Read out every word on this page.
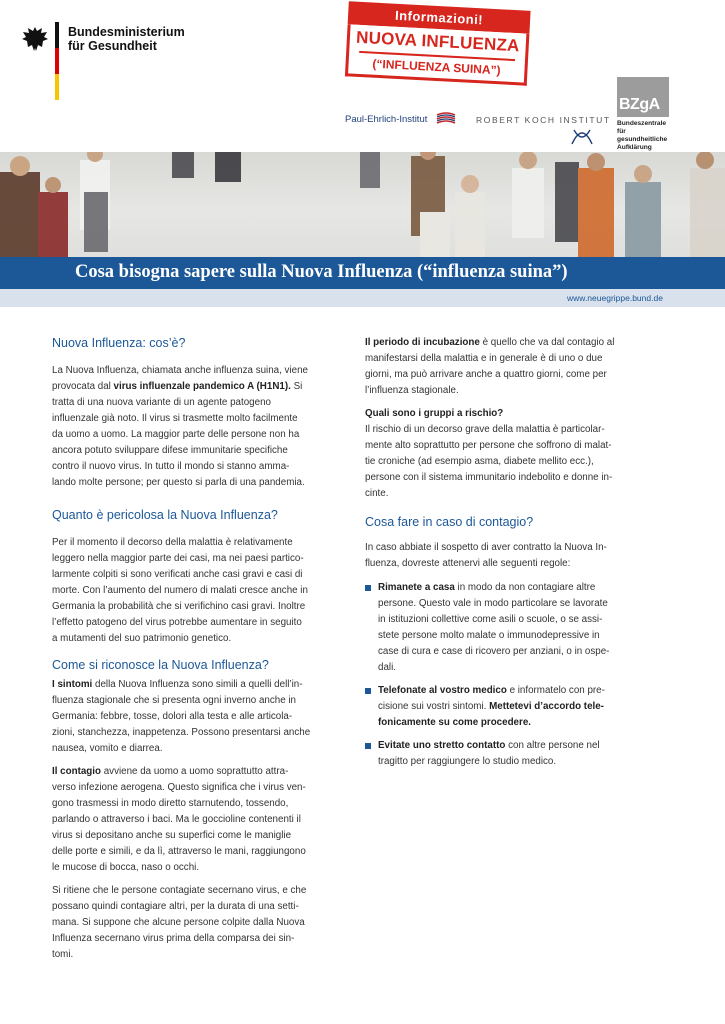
Bundesministerium
für Gesundheit
Informazioni!
NUOVA INFLUENZA
(“INFLUENZA SUINA”)
Paul-Ehrlich-Institut	ROBERT KOCH INSTITUT
BZgA
Bundeszentrale
für
gesundheitliche
Aufklärung
Cosa bisogna sapere sulla Nuova Influenza (“influenza suina”)
www.neuegrippe.bund.de

Nuova Influenza: cos’è?

La Nuova Influenza, chiamata anche influenza suina, viene

provocata dal virus influenzale pandemico A (H1N1). Si

tratta di una nuova variante di un agente patogeno

influenzale già noto. Il virus si trasmette molto facilmente

da uomo a uomo. La maggior parte delle persone non ha

ancora potuto sviluppare difese immunitarie specifiche

contro il nuovo virus. In tutto il mondo si stanno amma-

lando molte persone; per questo si parla di una pandemia.

Quanto è pericolosa la Nuova Influenza?

Per il momento il decorso della malattia è relativamente

leggero nella maggior parte dei casi, ma nei paesi partico-

larmente colpiti si sono verificati anche casi gravi e casi di

morte. Con l’aumento del numero di malati cresce anche in

Germania la probabilità che si verifichino casi gravi. Inoltre

l’effetto patogeno del virus potrebbe aumentare in seguito

a mutamenti del suo patrimonio genetico.

Come si riconosce la Nuova Influenza?

I sintomi della Nuova Influenza sono simili a quelli dell’in-

fluenza stagionale che si presenta ogni inverno anche in

Germania: febbre, tosse, dolori alla testa e alle articola-

zioni, stanchezza, inappetenza. Possono presentarsi anche

nausea, vomito e diarrea.

Il contagio avviene da uomo a uomo soprattutto attra-

verso infezione aerogena. Questo significa che i virus ven-

gono trasmessi in modo diretto starnutendo, tossendo,

parlando o attraverso i baci. Ma le goccioline contenenti il

virus si depositano anche su superfici come le maniglie

delle porte e simili, e da lì, attraverso le mani, raggiungono

le mucose di bocca, naso o occhi.

Si ritiene che le persone contagiate secernano virus, e che

possano quindi contagiare altri, per la durata di una setti-

mana. Si suppone che alcune persone colpite dalla Nuova

Influenza secernano virus prima della comparsa dei sin-

tomi.

Il periodo di incubazione è quello che va dal contagio al

manifestarsi della malattia e in generale è di uno o due

giorni, ma può arrivare anche a quattro giorni, come per

l’influenza stagionale.

Quali sono i gruppi a rischio?

Il rischio di un decorso grave della malattia è particolar-

mente alto soprattutto per persone che soffrono di malat-

tie croniche (ad esempio asma, diabete mellito ecc.),

persone con il sistema immunitario indebolito e donne in-

cinte.

Cosa fare in caso di contagio?

In caso abbiate il sospetto di aver contratto la Nuova In-

fluenza, dovreste attenervi alle seguenti regole:

Rimanete a casa in modo da non contagiare altre

persone. Questo vale in modo particolare se lavorate

in istituzioni collettive come asili o scuole, o se assi-

stete persone molto malate o immunodepressive in

case di cura e case di ricovero per anziani, o in ospe-

dali.

Telefonate al vostro medico e informatelo con pre-

cisione sui vostri sintomi. Mettetevi d’accordo tele-

fonicamente su come procedere.

Evitate uno stretto contatto con altre persone nel

tragitto per raggiungere lo studio medico.
